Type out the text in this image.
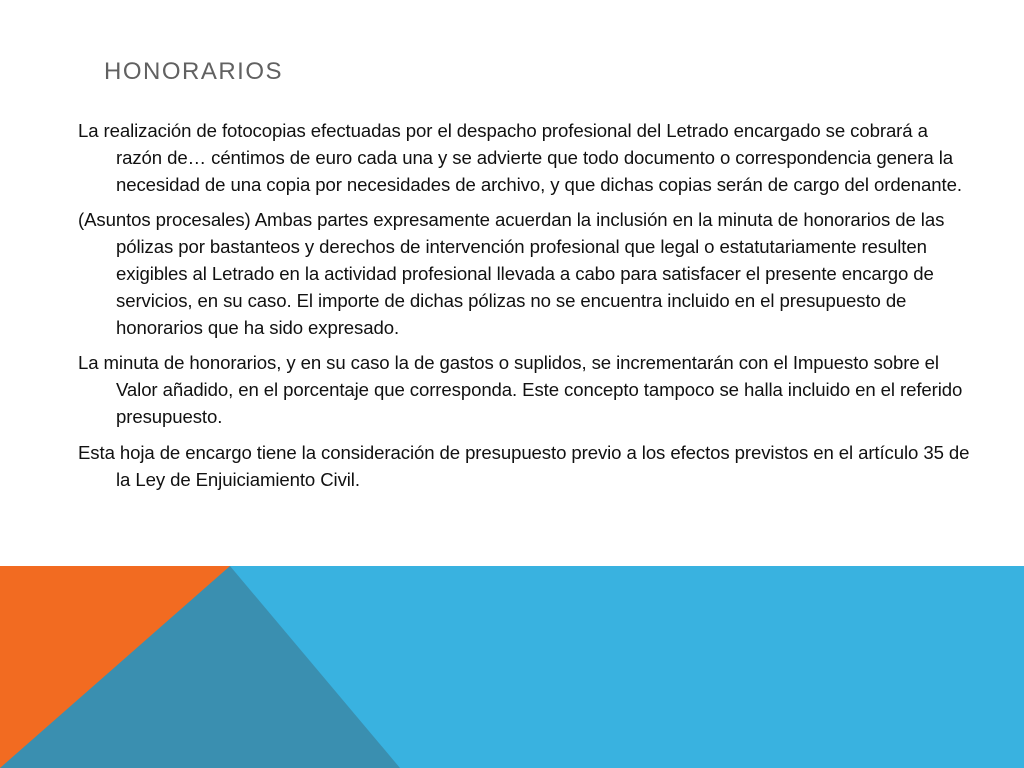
HONORARIOS
La realización de fotocopias efectuadas por el despacho profesional del Letrado encargado se cobrará a razón de… céntimos de euro cada una y se advierte que todo documento o correspondencia genera la necesidad de una copia por necesidades de archivo, y que dichas copias serán de cargo del ordenante.
(Asuntos procesales) Ambas partes expresamente acuerdan la inclusión en la minuta de honorarios de las pólizas por bastanteos y derechos de intervención profesional que legal o estatutariamente resulten exigibles al Letrado en la actividad profesional llevada a cabo para satisfacer el presente encargo de servicios, en su caso. El importe de dichas pólizas no se encuentra incluido en el presupuesto de honorarios que ha sido expresado.
La minuta de honorarios, y en su caso la de gastos o suplidos, se incrementarán con el Impuesto sobre el Valor añadido, en el porcentaje que corresponda. Este concepto tampoco se halla incluido en el referido presupuesto.
Esta hoja de encargo tiene la consideración de presupuesto previo a los efectos previstos en el artículo 35 de la Ley de Enjuiciamiento Civil.
